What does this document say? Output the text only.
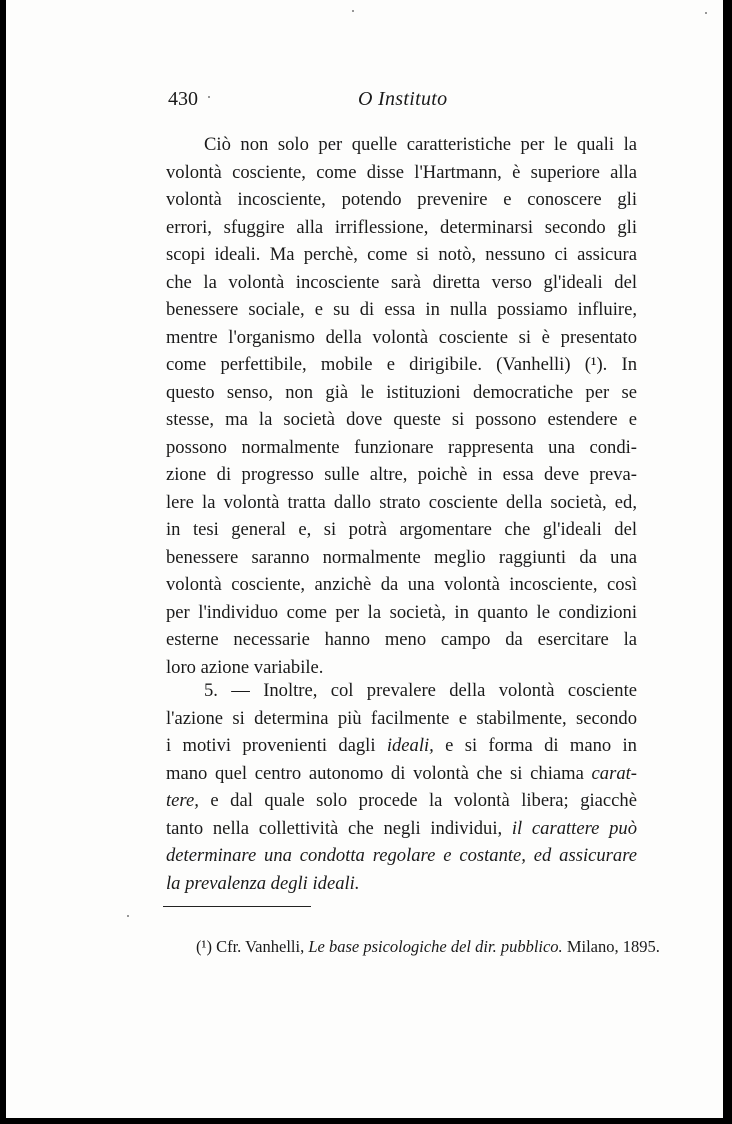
430	O Instituto

Ciò non solo per quelle caratteristiche per le quali la
volontà cosciente, come disse l'Hartmann, è superiore alla
volontà incosciente, potendo prevenire e conoscere gli
errori, sfuggire alla irriflessione, determinarsi secondo gli
scopi ideali. Ma perchè, come si notò, nessuno ci assicura
che la volontà incosciente sarà diretta verso gl'ideali del
benessere sociale, e su di essa in nulla possiamo influire,
mentre l'organismo della volontà cosciente si è presentato
come perfettibile, mobile e dirigibile. (Vanhelli) (¹). In
questo senso, non già le istituzioni democratiche per se
stesse, ma la società dove queste si possono estendere e
possono normalmente funzionare rappresenta una condi-
zione di progresso sulle altre, poichè in essa deve preva-
lere la volontà tratta dallo strato cosciente della società, ed,
in tesi general e, si potrà argomentare che gl'ideali del
benessere saranno normalmente meglio raggiunti da una
volontà cosciente, anzichè da una volontà incosciente, così
per l'individuo come per la società, in quanto le condizioni
esterne necessarie hanno meno campo da esercitare la
loro azione variabile.

5. — Inoltre, col prevalere della volontà cosciente
l'azione si determina più facilmente e stabilmente, secondo
i motivi provenienti dagli ideali, e si forma di mano in
mano quel centro autonomo di volontà che si chiama carat-
tere, e dal quale solo procede la volontà libera; giacchè
tanto nella collettività che negli individui, il carattere può
determinare una condotta regolare e costante, ed assicurare
la prevalenza degli ideali.

(¹) Cfr. Vanhelli, Le base psicologiche del dir. pubblico. Milano, 1895.
